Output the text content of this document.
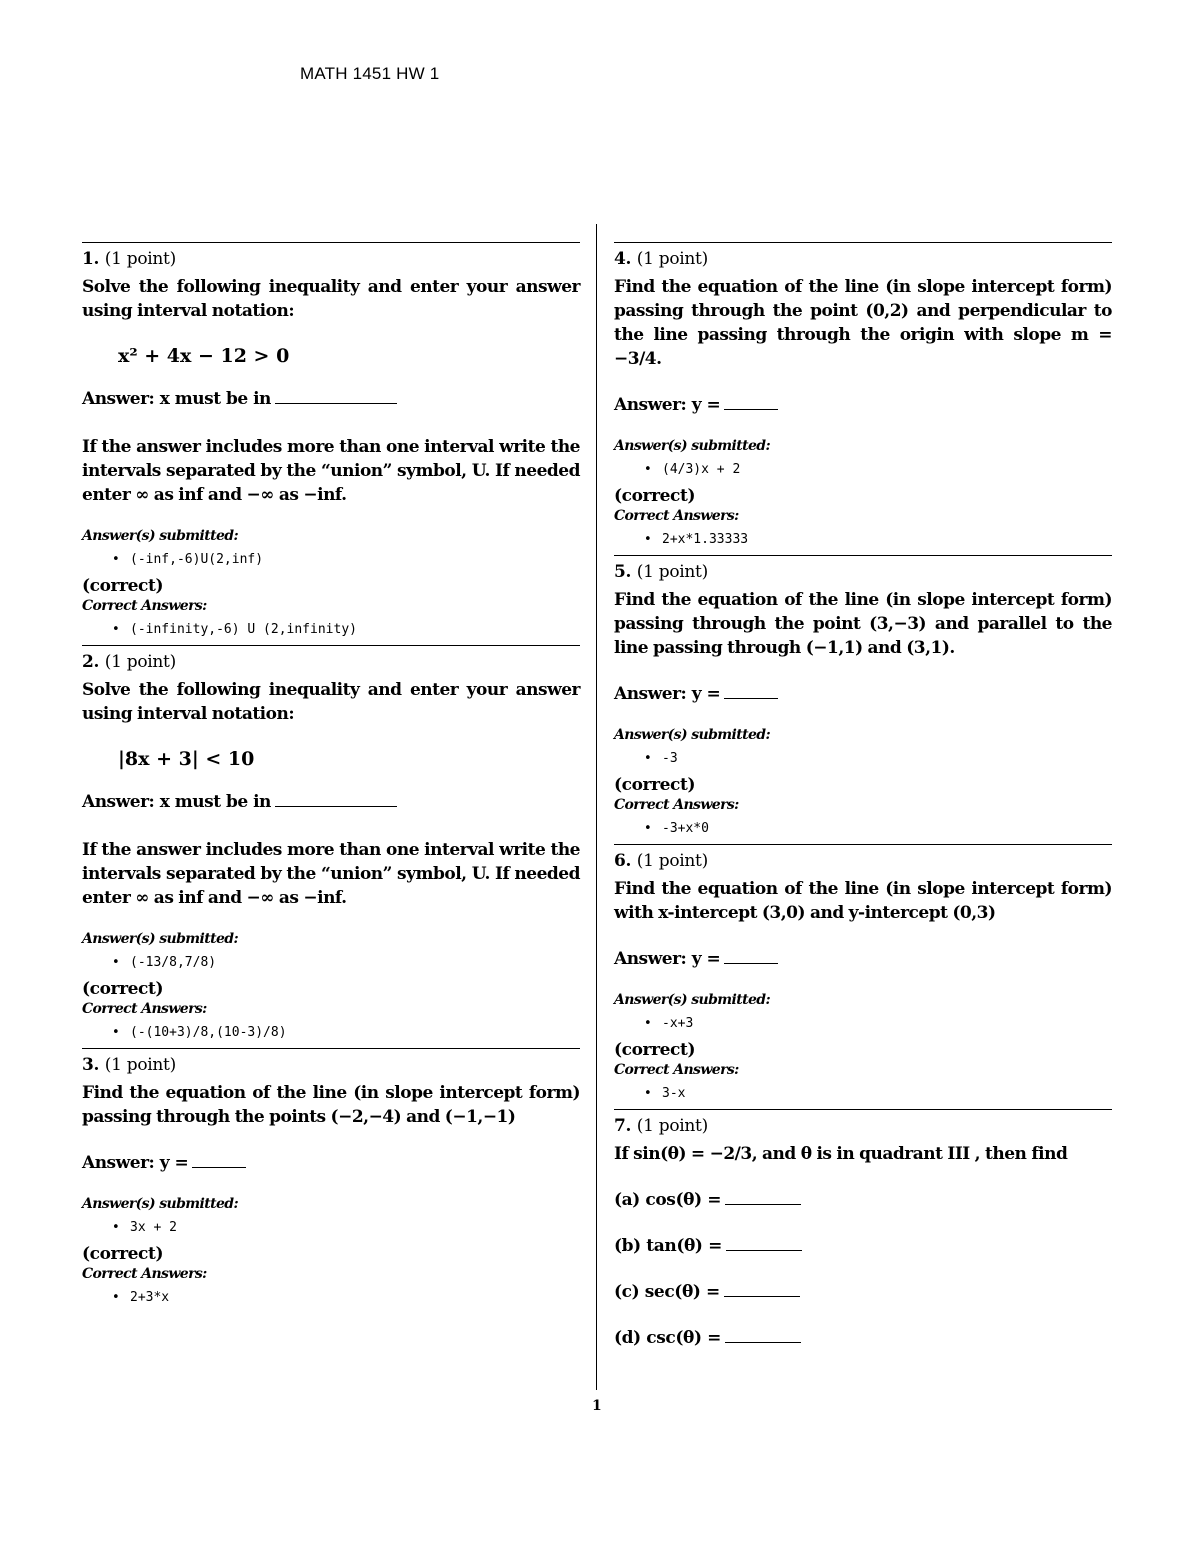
MATH 1451 HW 1
1. (1 point)
Solve the following inequality and enter your answer using interval notation:
x² + 4x − 12 > 0
Answer: x must be in
If the answer includes more than one interval write the intervals separated by the “union” symbol, U. If needed enter ∞ as inf and −∞ as −inf.
Answer(s) submitted:
• (-inf,-6)U(2,inf)
(correct)
Correct Answers:
• (-infinity,-6) U (2,infinity)
2. (1 point)
Solve the following inequality and enter your answer using interval notation:
|8x + 3| < 10
Answer: x must be in
If the answer includes more than one interval write the intervals separated by the “union” symbol, U. If needed enter ∞ as inf and −∞ as −inf.
Answer(s) submitted:
• (-13/8,7/8)
(correct)
Correct Answers:
• (-(10+3)/8,(10-3)/8)
3. (1 point)
Find the equation of the line (in slope intercept form) passing through the points (−2,−4) and (−1,−1)
Answer: y =
Answer(s) submitted:
• 3x + 2
(correct)
Correct Answers:
• 2+3*x
4. (1 point)
Find the equation of the line (in slope intercept form) passing through the point (0,2) and perpendicular to the line passing through the origin with slope m = −3/4.
Answer: y =
Answer(s) submitted:
• (4/3)x + 2
(correct)
Correct Answers:
• 2+x*1.33333
5. (1 point)
Find the equation of the line (in slope intercept form) passing through the point (3,−3) and parallel to the line passing through (−1,1) and (3,1).
Answer: y =
Answer(s) submitted:
• -3
(correct)
Correct Answers:
• -3+x*0
6. (1 point)
Find the equation of the line (in slope intercept form) with x-intercept (3,0) and y-intercept (0,3)
Answer: y =
Answer(s) submitted:
• -x+3
(correct)
Correct Answers:
• 3-x
7. (1 point)
If sin(θ) = −2/3, and θ is in quadrant III , then find
(a) cos(θ) =
(b) tan(θ) =
(c) sec(θ) =
(d) csc(θ) =
1
